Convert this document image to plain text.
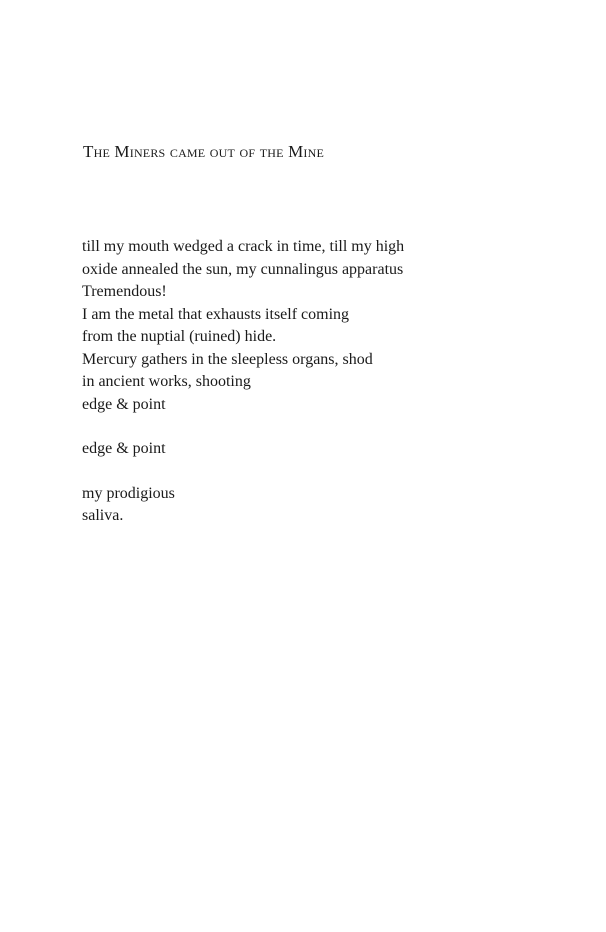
The Miners came out of the Mine
till my mouth wedged a crack in time, till my high
oxide annealed the sun, my cunnalingus apparatus
Tremendous!
I am the metal that exhausts itself coming
from the nuptial (ruined) hide.
Mercury gathers in the sleepless organs, shod
in ancient works, shooting
edge & point
edge & point
my prodigious
saliva.
